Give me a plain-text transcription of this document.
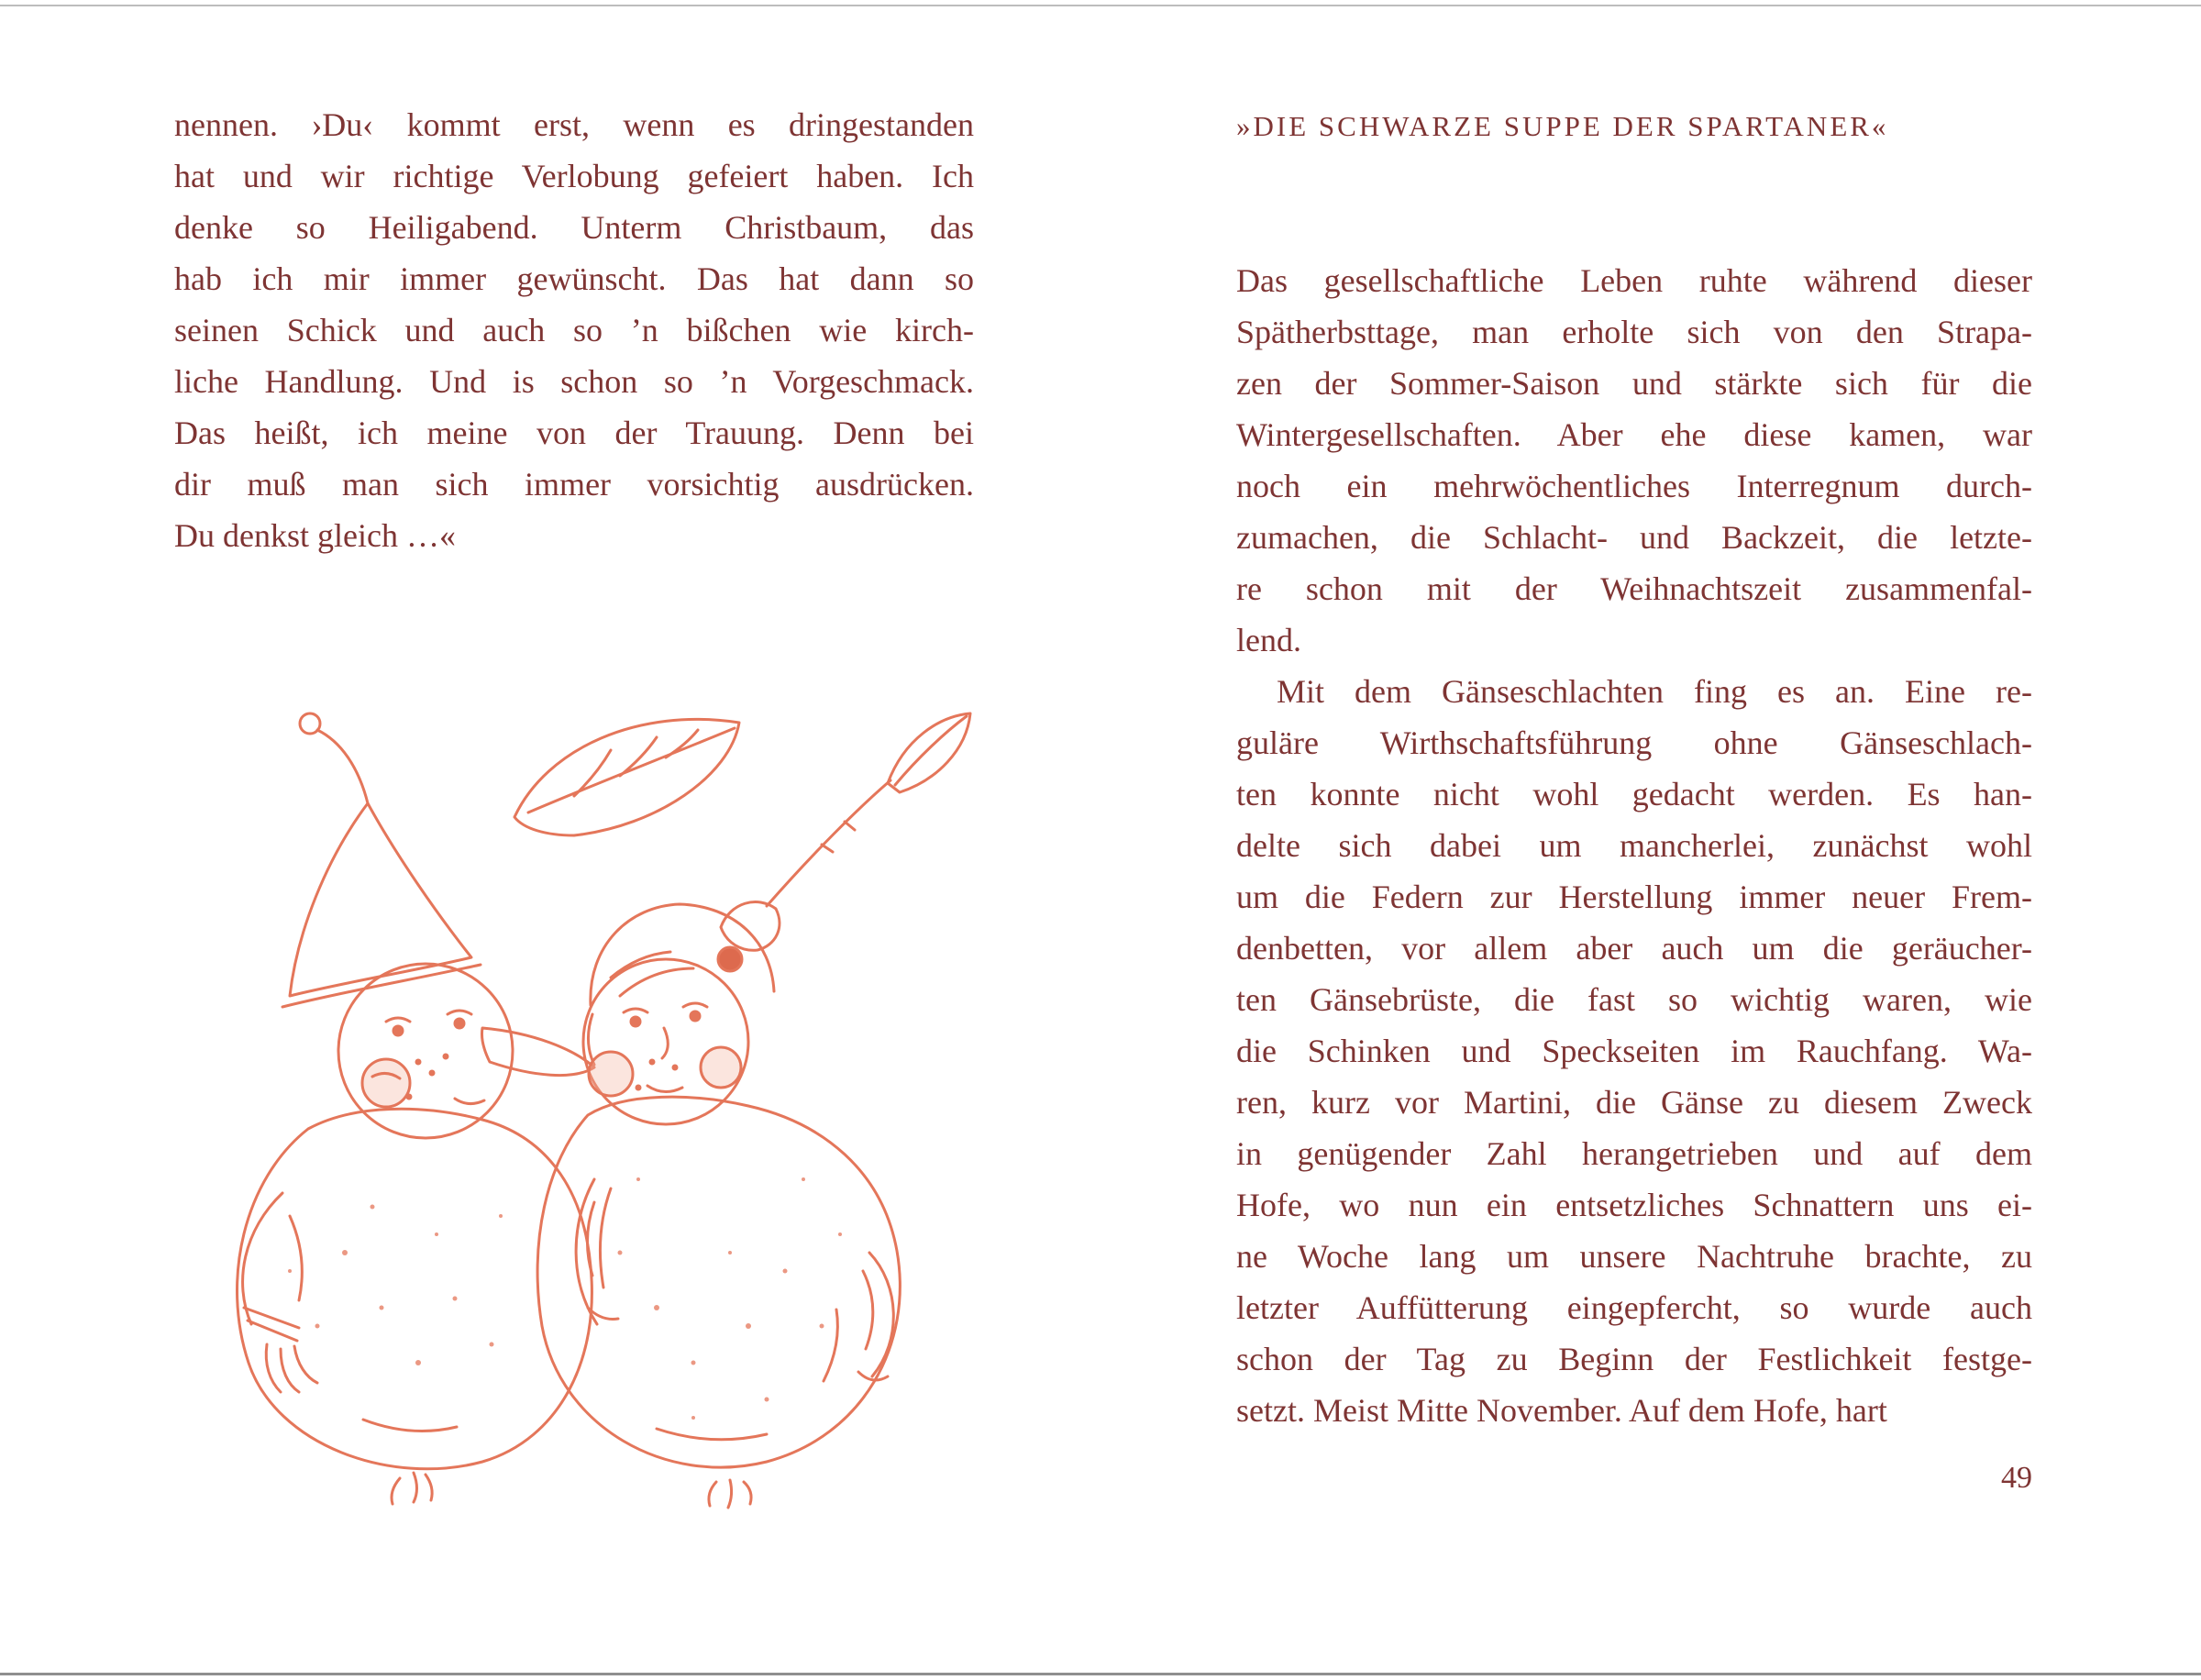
nennen. ›Du‹ kommt erst, wenn es dringestanden
hat und wir richtige Verlobung gefeiert haben. Ich
denke so Heiligabend. Unterm Christbaum, das
hab ich mir immer gewünscht. Das hat dann so
seinen Schick und auch so ’n bißchen wie kirch-
liche Handlung. Und is schon so ’n Vorgeschmack.
Das heißt, ich meine von der Trauung. Denn bei
dir muß man sich immer vorsichtig ausdrücken.
Du denkst gleich …«
»DIE SCHWARZE SUPPE DER SPARTANER«
Das gesellschaftliche Leben ruhte während dieser
Spätherbsttage, man erholte sich von den Strapa-
zen der Sommer-Saison und stärkte sich für die
Wintergesellschaften. Aber ehe diese kamen, war
noch ein mehrwöchentliches Interregnum durch-
zumachen, die Schlacht- und Backzeit, die letzte-
re schon mit der Weihnachtszeit zusammenfal-
lend.
Mit dem Gänseschlachten fing es an. Eine re-
guläre Wirthschaftsführung ohne Gänseschlach-
ten konnte nicht wohl gedacht werden. Es han-
delte sich dabei um mancherlei, zunächst wohl
um die Federn zur Herstellung immer neuer Frem-
denbetten, vor allem aber auch um die geräucher-
ten Gänsebrüste, die fast so wichtig waren, wie
die Schinken und Speckseiten im Rauchfang. Wa-
ren, kurz vor Martini, die Gänse zu diesem Zweck
in genügender Zahl herangetrieben und auf dem
Hofe, wo nun ein entsetzliches Schnattern uns ei-
ne Woche lang um unsere Nachtruhe brachte, zu
letzter Auffütterung eingepfercht, so wurde auch
schon der Tag zu Beginn der Festlichkeit festge-
setzt. Meist Mitte November. Auf dem Hofe, hart
49
